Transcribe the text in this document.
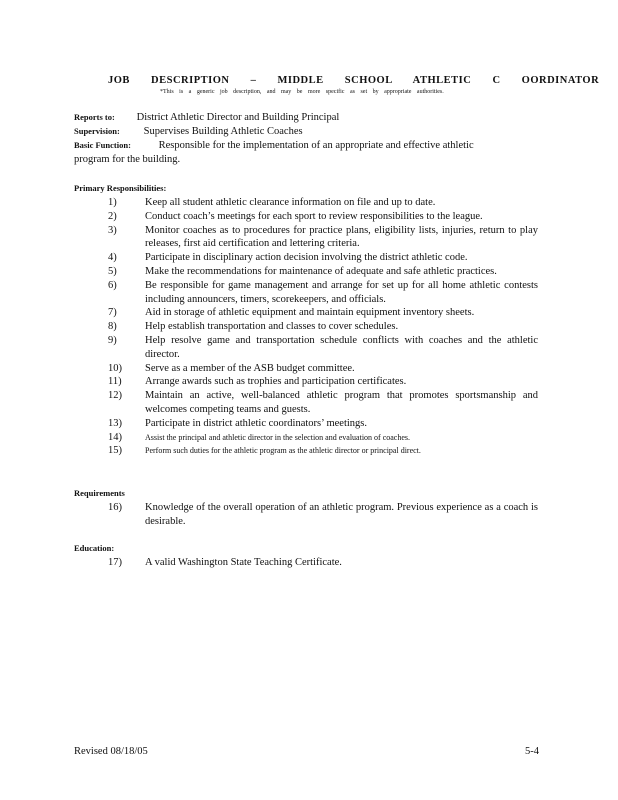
JOB DESCRIPTION – MIDDLE SCHOOL ATHLETIC C OORDINATOR
*This is a generic job description, and may be more specific as set by appropriate authorities.
Reports to: District Athletic Director and Building Principal
Supervision: Supervises Building Athletic Coaches
Basic Function:	Responsible for the implementation of an appropriate and effective athletic
program for the building.
Primary Responsibilities:
1)	Keep all student athletic clearance information on file and up to date.
2)	Conduct coach’s meetings for each sport to review responsibilities to the league.
3)	Monitor coaches as to procedures for practice plans, eligibility lists, injuries, return to play releases, first aid certification and lettering criteria.
4)	Participate in disciplinary action decision involving the district athletic code.
5)	Make the recommendations for maintenance of adequate and safe athletic practices.
6)	Be responsible for game management and arrange for set up for all home athletic contests including announcers, timers, scorekeepers, and officials.
7)	Aid in storage of athletic equipment and maintain equipment inventory sheets.
8)	Help establish transportation and classes to cover schedules.
9)	Help resolve game and transportation schedule conflicts with coaches and the athletic director.
10)	Serve as a member of the ASB budget committee.
11)	Arrange awards such as trophies and participation certificates.
12)	Maintain an active, well-balanced athletic program that promotes sportsmanship and welcomes competing teams and guests.
13)	Participate in district athletic coordinators’ meetings.
14)	Assist the principal and athletic director in the selection and evaluation of coaches.
15)	Perform such duties for the athletic program as the athletic director or principal direct.
Requirements
16)	Knowledge of the overall operation of an athletic program. Previous experience as a coach is desirable.
Education:
17)	A valid Washington State Teaching Certificate.
Revised 08/18/05	5-4
